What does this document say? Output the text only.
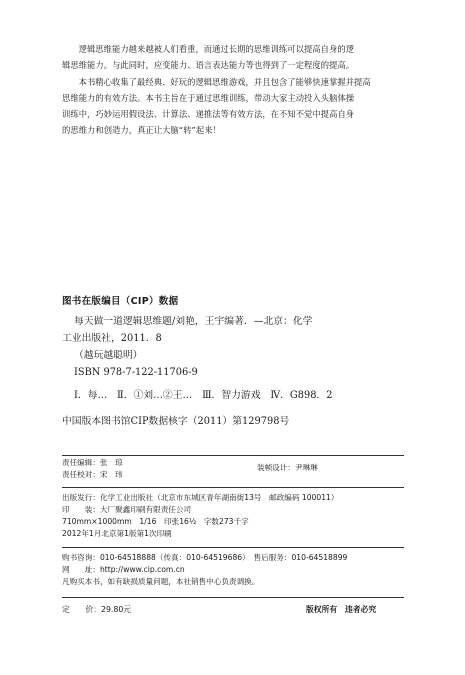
逻辑思维能力越来越被人们看重，而通过长期的思维训练可以提高自身的逻

辑思维能力。与此同时，应变能力、语言表达能力等也得到了一定程度的提高。

本书精心收集了最经典、好玩的逻辑思维游戏，并且包含了能够快速掌握并提高

思维能力的有效方法。本书主旨在于通过思维训练，带动大家主动投入头脑体操

训练中，巧妙运用假设法、计算法、递推法等有效方法，在不知不觉中提高自身

的思维力和创造力，真正让大脑“转”起来！

图书在版编目（CIP）数据
每天做一道逻辑思维题/刘艳，王宇编著．—北京：化学
工业出版社，2011．8
（越玩越聪明）
ISBN 978-7-122-11706-9
Ⅰ．每…　Ⅱ．①刘…②王…　Ⅲ．智力游戏　Ⅳ．G898．2
中国版本图书馆CIP数据核字（2011）第129798号
责任编辑：张　琼
责任校对：宋　玮
装帧设计：尹琳琳
出版发行：化学工业出版社（北京市东城区青年湖南街13号　邮政编码 100011）
印　　装：大厂聚鑫印刷有限责任公司
710mm×1000mm　1/16　印张16½　字数273千字
2012年1月北京第1版第1次印刷
购书咨询：010-64518888（传真：010-64519686）　售后服务：010-64518899
网　　址：http://www.cip.com.cn
凡购买本书，如有缺损质量问题，本社销售中心负责调换。
定　　价：29.80元	版权所有　违者必究
